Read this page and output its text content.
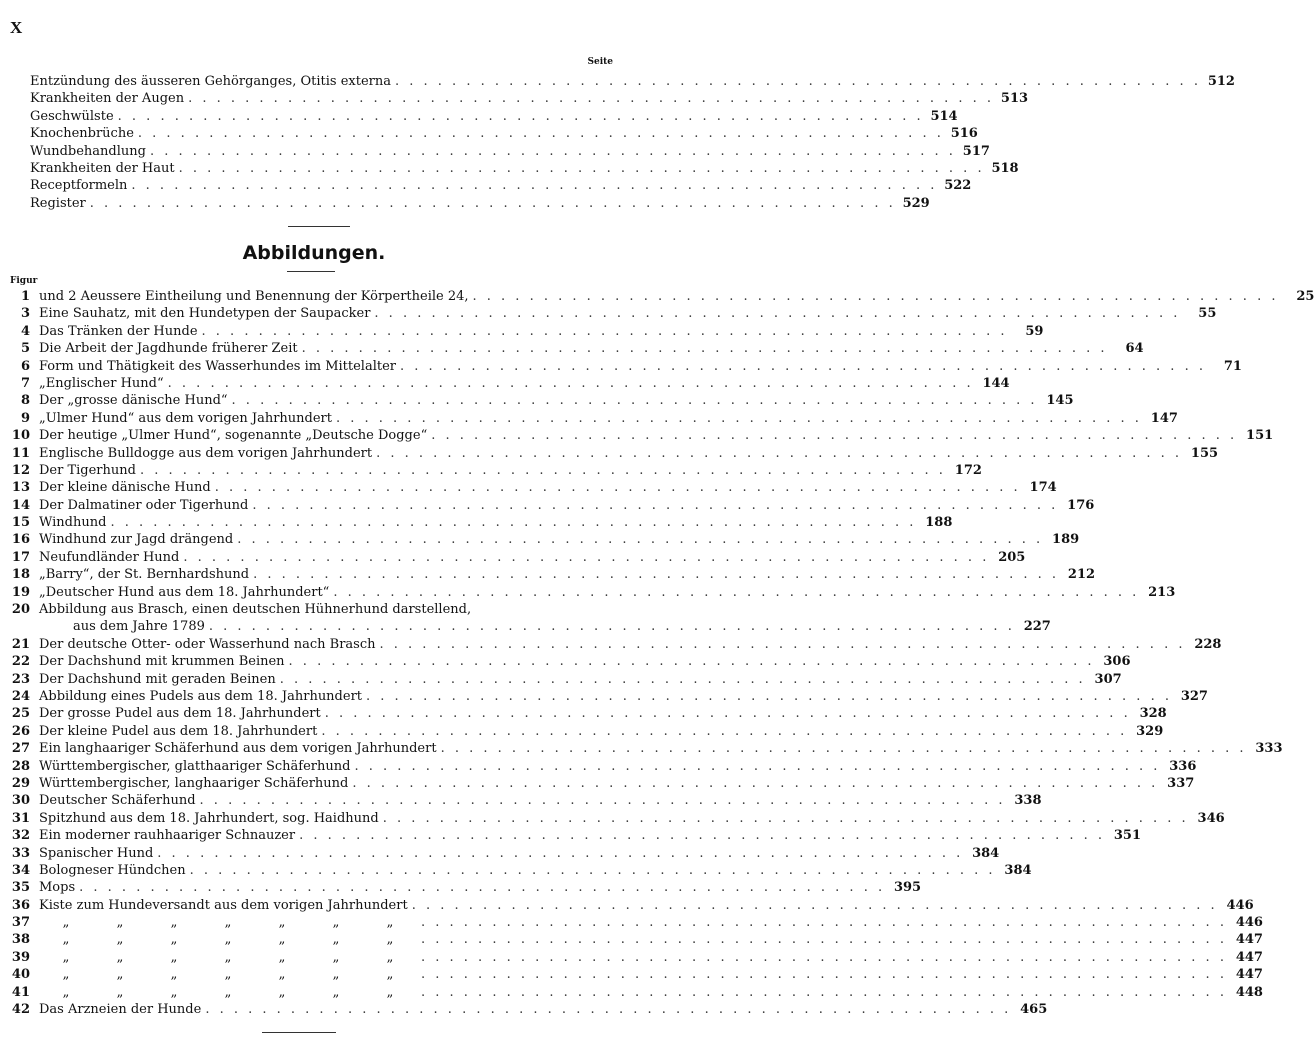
X
Seite
Entzündung des äusseren Gehörganges, Otitis externa . . . . . . . . . . . . . . . . . . . . . . . . . . . . . . . . . . . . . . . . . . . . . . . . . . . . . . . . . 512
Krankheiten der Augen . . . . . . . . . . . . . . . . . . . . . . . . . . . . . . . . . . . . . . . . . . . . . . . . . . . . . . . . . 513
Geschwülste . . . . . . . . . . . . . . . . . . . . . . . . . . . . . . . . . . . . . . . . . . . . . . . . . . . . . . . . . 514
Knochenbrüche . . . . . . . . . . . . . . . . . . . . . . . . . . . . . . . . . . . . . . . . . . . . . . . . . . . . . . . . . 516
Wundbehandlung . . . . . . . . . . . . . . . . . . . . . . . . . . . . . . . . . . . . . . . . . . . . . . . . . . . . . . . . . 517
Krankheiten der Haut . . . . . . . . . . . . . . . . . . . . . . . . . . . . . . . . . . . . . . . . . . . . . . . . . . . . . . . . . 518
Receptformeln . . . . . . . . . . . . . . . . . . . . . . . . . . . . . . . . . . . . . . . . . . . . . . . . . . . . . . . . . 522
Register . . . . . . . . . . . . . . . . . . . . . . . . . . . . . . . . . . . . . . . . . . . . . . . . . . . . . . . . . 529
Abbildungen.
Figur
1 und 2 Aeussere Eintheilung und Benennung der Körpertheile 24, . . . . . . . . . . . . . . . . . . . . . . . . . . . . . . . . . . . . . . . . . . . . . . . . . . . . . . . . .	25
3 Eine Sauhatz, mit den Hundetypen der Saupacker . . . . . . . . . . . . . . . . . . . . . . . . . . . . . . . . . . . . . . . . . . . . . . . . . . . . . . . . .	55
4 Das Tränken der Hunde . . . . . . . . . . . . . . . . . . . . . . . . . . . . . . . . . . . . . . . . . . . . . . . . . . . . . . . . .	59
5 Die Arbeit der Jagdhunde früherer Zeit . . . . . . . . . . . . . . . . . . . . . . . . . . . . . . . . . . . . . . . . . . . . . . . . . . . . . . . . .	64
6 Form und Thätigkeit des Wasserhundes im Mittelalter . . . . . . . . . . . . . . . . . . . . . . . . . . . . . . . . . . . . . . . . . . . . . . . . . . . . . . . . .	71
7 „Englischer Hund“ . . . . . . . . . . . . . . . . . . . . . . . . . . . . . . . . . . . . . . . . . . . . . . . . . . . . . . . . . 144
8 Der „grosse dänische Hund“ . . . . . . . . . . . . . . . . . . . . . . . . . . . . . . . . . . . . . . . . . . . . . . . . . . . . . . . . . 145
9 „Ulmer Hund“ aus dem vorigen Jahrhundert . . . . . . . . . . . . . . . . . . . . . . . . . . . . . . . . . . . . . . . . . . . . . . . . . . . . . . . . . 147
10 Der heutige „Ulmer Hund“, sogenannte „Deutsche Dogge“ . . . . . . . . . . . . . . . . . . . . . . . . . . . . . . . . . . . . . . . . . . . . . . . . . . . . . . . . . 151
11 Englische Bulldogge aus dem vorigen Jahrhundert . . . . . . . . . . . . . . . . . . . . . . . . . . . . . . . . . . . . . . . . . . . . . . . . . . . . . . . . . 155
12 Der Tigerhund . . . . . . . . . . . . . . . . . . . . . . . . . . . . . . . . . . . . . . . . . . . . . . . . . . . . . . . . . 172
13 Der kleine dänische Hund . . . . . . . . . . . . . . . . . . . . . . . . . . . . . . . . . . . . . . . . . . . . . . . . . . . . . . . . . 174
14 Der Dalmatiner oder Tigerhund . . . . . . . . . . . . . . . . . . . . . . . . . . . . . . . . . . . . . . . . . . . . . . . . . . . . . . . . . 176
15 Windhund . . . . . . . . . . . . . . . . . . . . . . . . . . . . . . . . . . . . . . . . . . . . . . . . . . . . . . . . . 188
16 Windhund zur Jagd drängend . . . . . . . . . . . . . . . . . . . . . . . . . . . . . . . . . . . . . . . . . . . . . . . . . . . . . . . . . 189
17 Neufundländer Hund . . . . . . . . . . . . . . . . . . . . . . . . . . . . . . . . . . . . . . . . . . . . . . . . . . . . . . . . . 205
18 „Barry“, der St. Bernhardshund . . . . . . . . . . . . . . . . . . . . . . . . . . . . . . . . . . . . . . . . . . . . . . . . . . . . . . . . . 212
19 „Deutscher Hund aus dem 18. Jahrhundert“ . . . . . . . . . . . . . . . . . . . . . . . . . . . . . . . . . . . . . . . . . . . . . . . . . . . . . . . . . 213
20 Abbildung aus Brasch, einen deutschen Hühnerhund darstellend,
aus dem Jahre 1789 . . . . . . . . . . . . . . . . . . . . . . . . . . . . . . . . . . . . . . . . . . . . . . . . . . . . . . . . . 227
21 Der deutsche Otter- oder Wasserhund nach Brasch . . . . . . . . . . . . . . . . . . . . . . . . . . . . . . . . . . . . . . . . . . . . . . . . . . . . . . . . . 228
22 Der Dachshund mit krummen Beinen . . . . . . . . . . . . . . . . . . . . . . . . . . . . . . . . . . . . . . . . . . . . . . . . . . . . . . . . . 306
23 Der Dachshund mit geraden Beinen . . . . . . . . . . . . . . . . . . . . . . . . . . . . . . . . . . . . . . . . . . . . . . . . . . . . . . . . . 307
24 Abbildung eines Pudels aus dem 18. Jahrhundert . . . . . . . . . . . . . . . . . . . . . . . . . . . . . . . . . . . . . . . . . . . . . . . . . . . . . . . . . 327
25 Der grosse Pudel aus dem 18. Jahrhundert . . . . . . . . . . . . . . . . . . . . . . . . . . . . . . . . . . . . . . . . . . . . . . . . . . . . . . . . . 328
26 Der kleine Pudel aus dem 18. Jahrhundert . . . . . . . . . . . . . . . . . . . . . . . . . . . . . . . . . . . . . . . . . . . . . . . . . . . . . . . . . 329
27 Ein langhaariger Schäferhund aus dem vorigen Jahrhundert . . . . . . . . . . . . . . . . . . . . . . . . . . . . . . . . . . . . . . . . . . . . . . . . . . . . . . . . . 333
28 Württembergischer, glatthaariger Schäferhund . . . . . . . . . . . . . . . . . . . . . . . . . . . . . . . . . . . . . . . . . . . . . . . . . . . . . . . . . 336
29 Württembergischer, langhaariger Schäferhund . . . . . . . . . . . . . . . . . . . . . . . . . . . . . . . . . . . . . . . . . . . . . . . . . . . . . . . . . 337
30 Deutscher Schäferhund . . . . . . . . . . . . . . . . . . . . . . . . . . . . . . . . . . . . . . . . . . . . . . . . . . . . . . . . . 338
31 Spitzhund aus dem 18. Jahrhundert, sog. Haidhund . . . . . . . . . . . . . . . . . . . . . . . . . . . . . . . . . . . . . . . . . . . . . . . . . . . . . . . . . 346
32 Ein moderner rauhhaariger Schnauzer . . . . . . . . . . . . . . . . . . . . . . . . . . . . . . . . . . . . . . . . . . . . . . . . . . . . . . . . . 351
33 Spanischer Hund . . . . . . . . . . . . . . . . . . . . . . . . . . . . . . . . . . . . . . . . . . . . . . . . . . . . . . . . . 384
34 Bologneser Hündchen . . . . . . . . . . . . . . . . . . . . . . . . . . . . . . . . . . . . . . . . . . . . . . . . . . . . . . . . . 384
35 Mops . . . . . . . . . . . . . . . . . . . . . . . . . . . . . . . . . . . . . . . . . . . . . . . . . . . . . . . . . 395
36 Kiste zum Hundeversandt aus dem vorigen Jahrhundert . . . . . . . . . . . . . . . . . . . . . . . . . . . . . . . . . . . . . . . . . . . . . . . . . . . . . . . . . 446
37	„	„	„	„	„	„	„	. . . . . . . . . . . . . . . . . . . . . . . . . . . . . . . . . . . . . . . . . . . . . . . . . . . . . . . . . 446
38	„	„	„	„	„	„	„	. . . . . . . . . . . . . . . . . . . . . . . . . . . . . . . . . . . . . . . . . . . . . . . . . . . . . . . . . 447
39	„	„	„	„	„	„	„	. . . . . . . . . . . . . . . . . . . . . . . . . . . . . . . . . . . . . . . . . . . . . . . . . . . . . . . . . 447
40	„	„	„	„	„	„	„	. . . . . . . . . . . . . . . . . . . . . . . . . . . . . . . . . . . . . . . . . . . . . . . . . . . . . . . . . 447
41	„	„	„	„	„	„	„	. . . . . . . . . . . . . . . . . . . . . . . . . . . . . . . . . . . . . . . . . . . . . . . . . . . . . . . . . 448
42 Das Arzneien der Hunde . . . . . . . . . . . . . . . . . . . . . . . . . . . . . . . . . . . . . . . . . . . . . . . . . . . . . . . . . 465
